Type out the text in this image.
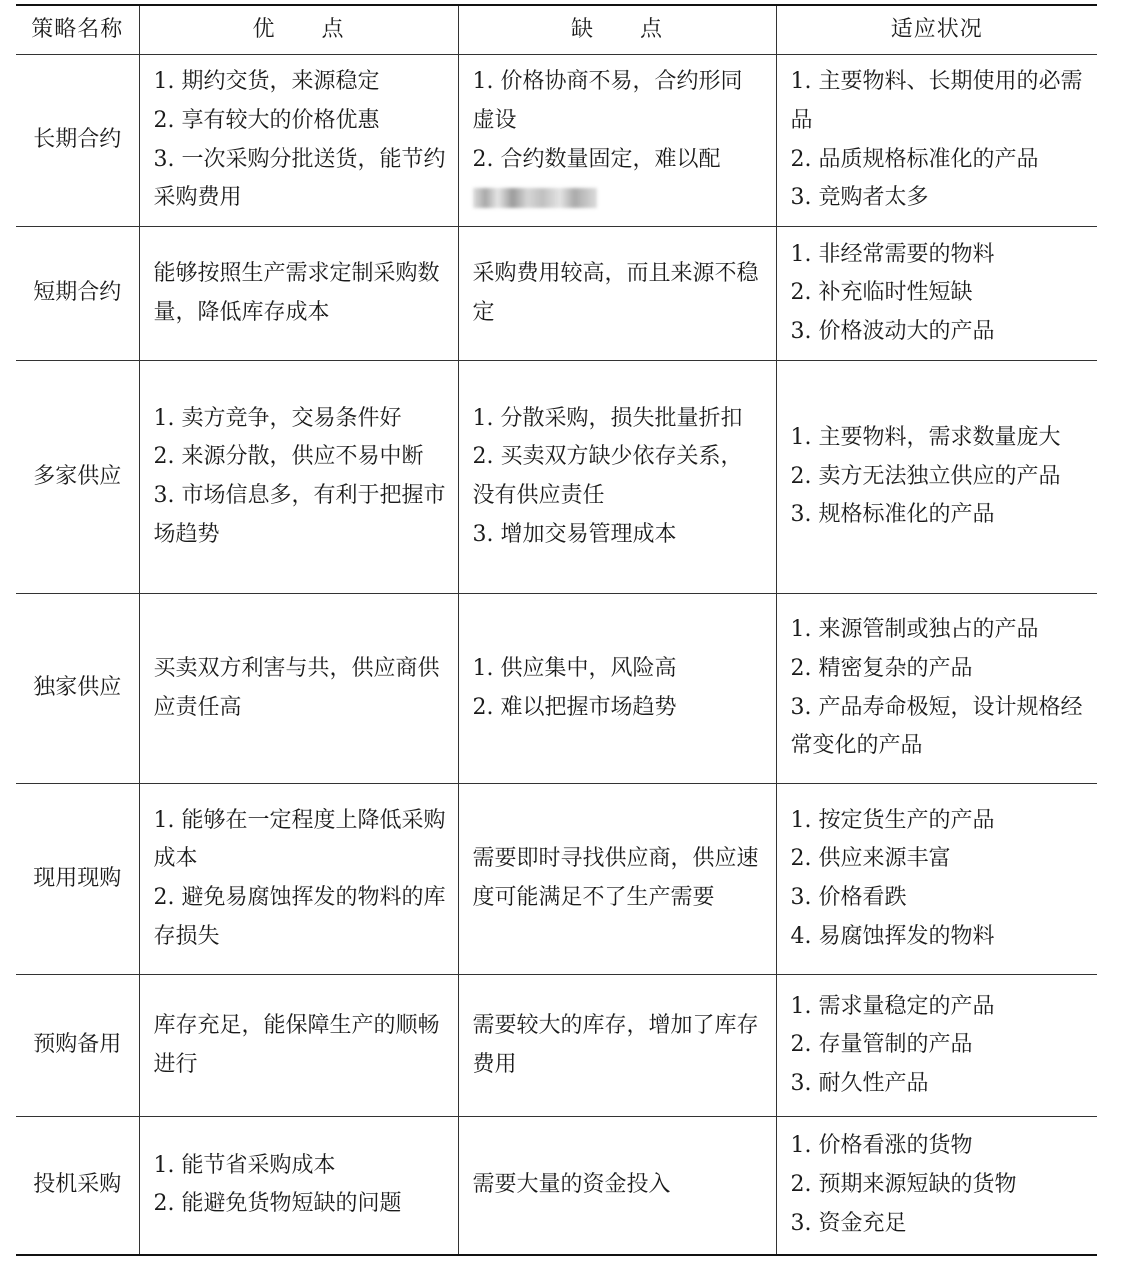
策略名称	优　　点	缺　　点	适应状况
长期合约	1. 期约交货，来源稳定
2. 享有较大的价格优惠
3. 一次采购分批送货，能节约采购费用	1. 价格协商不易，合约形同虚设
2. 合约数量固定，难以配	1. 主要物料、长期使用的必需品
2. 品质规格标准化的产品
3. 竞购者太多

短期合约	能够按照生产需求定制采购数量，降低库存成本	采购费用较高，而且来源不稳定	1. 非经常需要的物料
2. 补充临时性短缺
3. 价格波动大的产品

多家供应	1. 卖方竞争，交易条件好
2. 来源分散，供应不易中断
3. 市场信息多，有利于把握市场趋势	1. 分散采购，损失批量折扣
2. 买卖双方缺少依存关系，没有供应责任
3. 增加交易管理成本	1. 主要物料，需求数量庞大
2. 卖方无法独立供应的产品
3. 规格标准化的产品

独家供应	买卖双方利害与共，供应商供应责任高	1. 供应集中，风险高
2. 难以把握市场趋势	1. 来源管制或独占的产品
2. 精密复杂的产品
3. 产品寿命极短，设计规格经常变化的产品

现用现购	1. 能够在一定程度上降低采购成本
2. 避免易腐蚀挥发的物料的库存损失	需要即时寻找供应商，供应速度可能满足不了生产需要	1. 按定货生产的产品
2. 供应来源丰富
3. 价格看跌
4. 易腐蚀挥发的物料

预购备用	库存充足，能保障生产的顺畅进行	需要较大的库存，增加了库存费用	1. 需求量稳定的产品
2. 存量管制的产品
3. 耐久性产品

投机采购	1. 能节省采购成本
2. 能避免货物短缺的问题	需要大量的资金投入	1. 价格看涨的货物
2. 预期来源短缺的货物
3. 资金充足
